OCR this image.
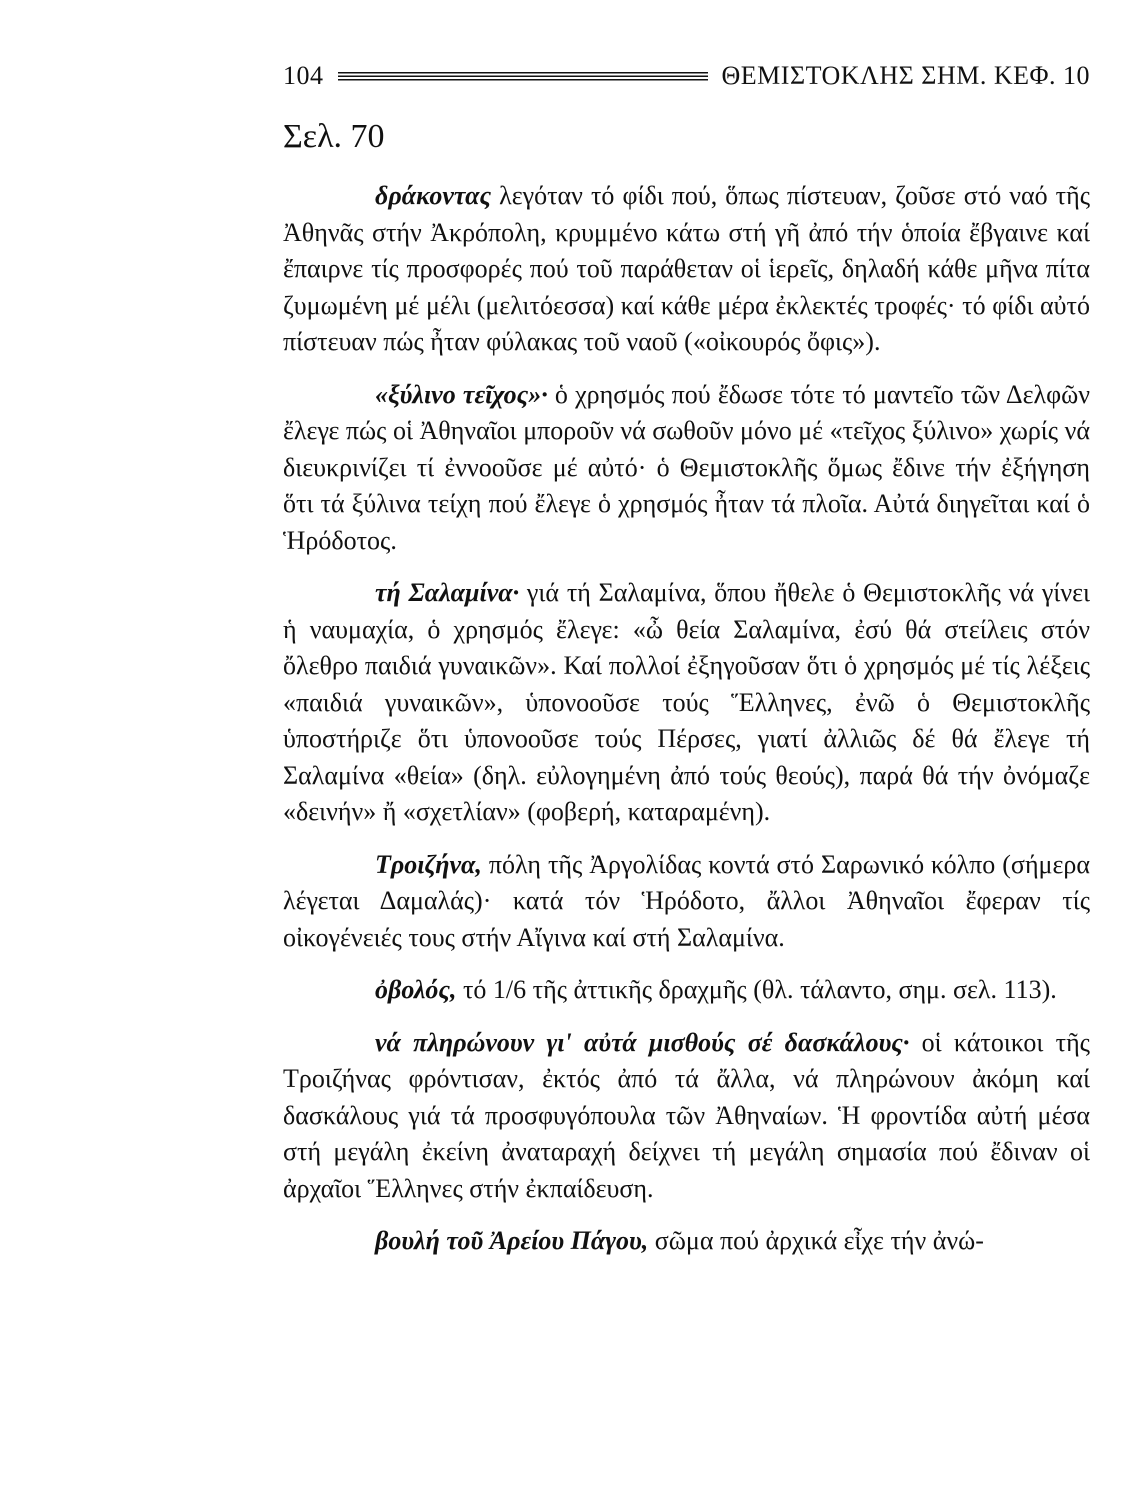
104	ΘΕΜΙΣΤΟΚΛΗΣ ΣΗΜ. ΚΕΦ. 10
Σελ. 70

δράκοντας λεγόταν τό φίδι πού, ὅπως πίστευαν, ζοῦσε στό ναό τῆς Ἀθηνᾶς στήν Ἀκρόπολη, κρυμμένο κάτω στή γῆ ἀπό τήν ὁποία ἔβγαινε καί ἔπαιρνε τίς προσφορές πού τοῦ παράθεταν οἱ ἱερεῖς, δηλαδή κάθε μῆνα πίτα ζυμωμένη μέ μέλι (μελιτόεσσα) καί κάθε μέρα ἐκλεκτές τροφές· τό φίδι αὐτό πίστευαν πώς ἦταν φύλακας τοῦ ναοῦ («οἰκουρός ὄφις»).

«ξύλινο τεῖχος»· ὁ χρησμός πού ἔδωσε τότε τό μαντεῖο τῶν Δελφῶν ἔλεγε πώς οἱ Ἀθηναῖοι μποροῦν νά σωθοῦν μόνο μέ «τεῖχος ξύλινο» χωρίς νά διευκρινίζει τί ἐννοοῦσε μέ αὐτό· ὁ Θεμιστοκλῆς ὅμως ἔδινε τήν ἐξήγηση ὅτι τά ξύλινα τείχη πού ἔλεγε ὁ χρησμός ἦταν τά πλοῖα. Αὐτά διηγεῖται καί ὁ Ἡρόδοτος.

τή Σαλαμίνα· γιά τή Σαλαμίνα, ὅπου ἤθελε ὁ Θεμιστοκλῆς νά γίνει ἡ ναυμαχία, ὁ χρησμός ἔλεγε: «ὦ θεία Σαλαμίνα, ἐσύ θά στείλεις στόν ὄλεθρο παιδιά γυναικῶν». Καί πολλοί ἐξηγοῦσαν ὅτι ὁ χρησμός μέ τίς λέξεις «παιδιά γυναικῶν», ὑπονοοῦσε τούς Ἕλληνες, ἐνῶ ὁ Θεμιστοκλῆς ὑποστήριζε ὅτι ὑπονοοῦσε τούς Πέρσες, γιατί ἀλλιῶς δέ θά ἔλεγε τή Σαλαμίνα «θεία» (δηλ. εὐλογημένη ἀπό τούς θεούς), παρά θά τήν ὀνόμαζε «δεινήν» ἤ «σχετλίαν» (φοβερή, καταραμένη).

Τροιζήνα, πόλη τῆς Ἀργολίδας κοντά στό Σαρωνικό κόλπο (σήμερα λέγεται Δαμαλάς)· κατά τόν Ἡρόδοτο, ἄλλοι Ἀθηναῖοι ἔφεραν τίς οἰκογένειές τους στήν Αἴγινα καί στή Σαλαμίνα.

ὀβολός, τό 1/6 τῆς ἀττικῆς δραχμῆς (θλ. τάλαντο, σημ. σελ. 113).

νά πληρώνουν γι' αὐτά μισθούς σέ δασκάλους· οἱ κάτοικοι τῆς Τροιζήνας φρόντισαν, ἐκτός ἀπό τά ἄλλα, νά πληρώνουν ἀκόμη καί δασκάλους γιά τά προσφυγόπουλα τῶν Ἀθηναίων. Ἡ φροντίδα αὐτή μέσα στή μεγάλη ἐκείνη ἀναταραχή δείχνει τή μεγάλη σημασία πού ἔδιναν οἱ ἀρχαῖοι Ἕλληνες στήν ἐκπαίδευση.

βουλή τοῦ Ἀρείου Πάγου, σῶμα πού ἀρχικά εἶχε τήν ἀνώ-
